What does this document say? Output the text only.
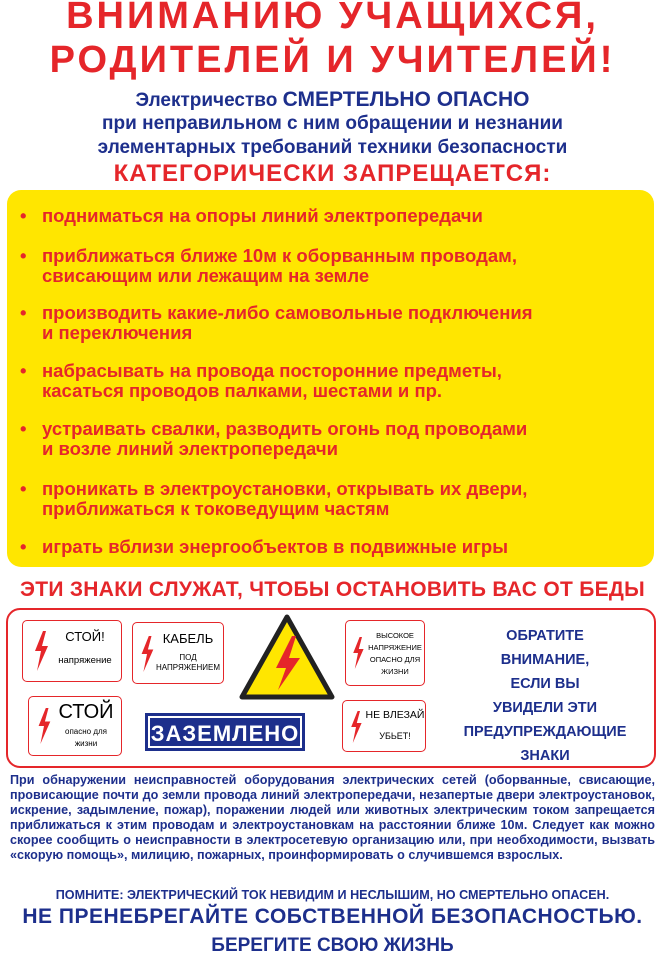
ВНИМАНИЮ УЧАЩИХСЯ,
РОДИТЕЛЕЙ И УЧИТЕЛЕЙ!
Электричество СМЕРТЕЛЬНО ОПАСНО
при неправильном с ним обращении и незнании
элементарных требований техники безопасности
КАТЕГОРИЧЕСКИ ЗАПРЕЩАЕТСЯ:
• подниматься на опоры линий электропередачи
• приближаться ближе 10м к оборванным проводам,
свисающим или лежащим на земле
• производить какие-либо самовольные подключения
и переключения
• набрасывать на провода посторонние предметы,
касаться проводов палками, шестами и пр.
• устраивать свалки, разводить огонь под проводами
и возле линий электропередачи
• проникать в электроустановки, открывать их двери,
приближаться к токоведущим частям
• играть вблизи энергообъектов в подвижные игры
ЭТИ ЗНАКИ СЛУЖАТ, ЧТОБЫ ОСТАНОВИТЬ ВАС ОТ БЕДЫ
СТОЙ!
напряжение
КАБЕЛЬ
ПОД
НАПРЯЖЕНИЕМ
ВЫСОКОЕ
НАПРЯЖЕНИЕ
ОПАСНО ДЛЯ
ЖИЗНИ
СТОЙ
опасно для
жизни	ЗАЗЕМЛЕНО
НЕ ВЛЕЗАЙ
УБЬЕТ!
ОБРАТИТЕ
ВНИМАНИЕ,
ЕСЛИ ВЫ
УВИДЕЛИ ЭТИ
ПРЕДУПРЕЖДАЮЩИЕ
ЗНАКИ
При обнаружении неисправностей оборудования электрических сетей (оборванные, свисающие, провисающие почти до земли провода линий электропередачи, незапертые двери электроустановок, искрение, задымление, пожар), поражении людей или животных электрическим током запрещается приближаться к этим проводам и электроустановкам на расстоянии ближе 10м. Следует как можно скорее сообщить о неисправности в электросетевую организацию или, при необходимости, вызвать «скорую помощь», милицию, пожарных, проинформировать о случившемся взрослых.
ПОМНИТЕ: ЭЛЕКТРИЧЕСКИЙ ТОК НЕВИДИМ И НЕСЛЫШИМ, НО СМЕРТЕЛЬНО ОПАСЕН.
НЕ ПРЕНЕБРЕГАЙТЕ СОБСТВЕННОЙ БЕЗОПАСНОСТЬЮ.
БЕРЕГИТЕ СВОЮ ЖИЗНЬ
